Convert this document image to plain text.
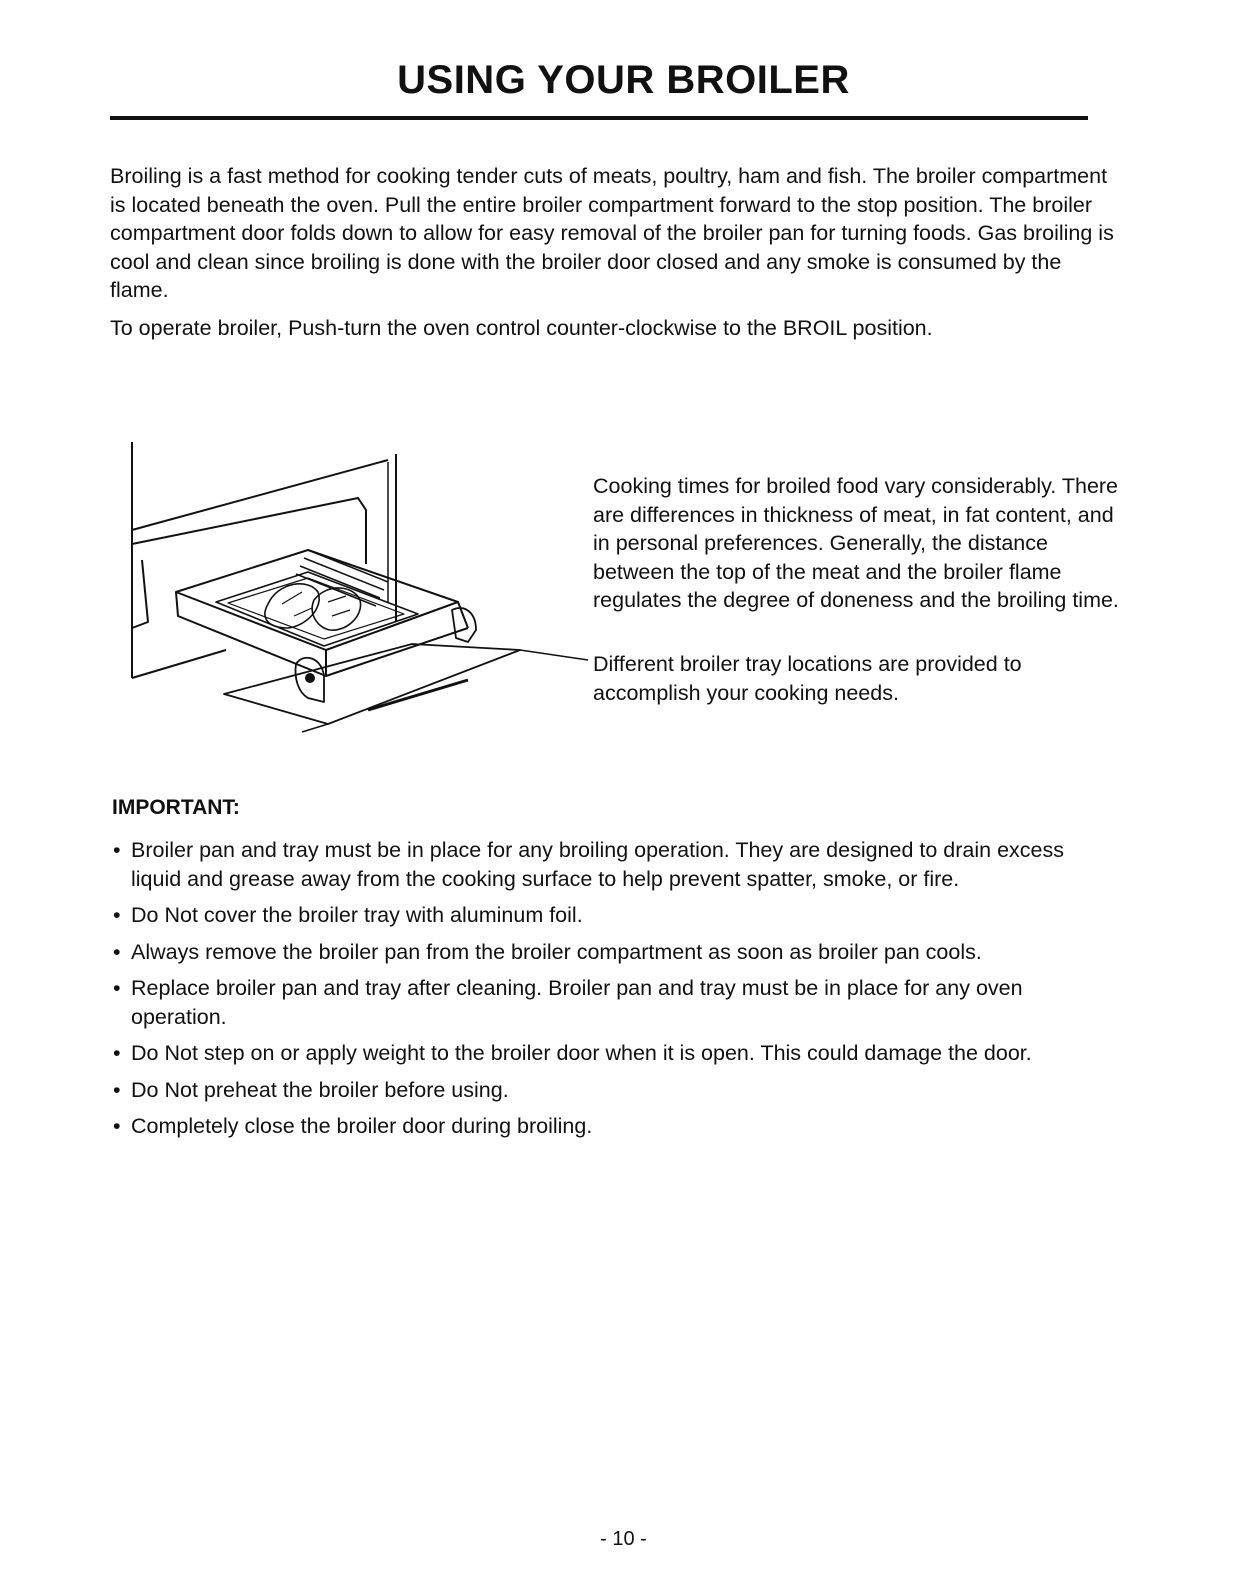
USING YOUR BROILER

Broiling is a fast method for cooking tender cuts of meats, poultry, ham and fish. The broiler compartment is located beneath the oven. Pull the entire broiler compartment forward to the stop position. The broiler compartment door folds down to allow for easy removal of the broiler pan for turning foods. Gas broiling is cool and clean since broiling is done with the broiler door closed and any smoke is consumed by the flame.

To operate broiler, Push-turn the oven control counter-clockwise to the BROIL position.

Cooking times for broiled food vary considerably. There are differences in thickness of meat, in fat content, and in personal preferences. Generally, the distance between the top of the meat and the broiler flame regulates the degree of doneness and the broiling time.

Different broiler tray locations are provided to accomplish your cooking needs.

IMPORTANT:

• Broiler pan and tray must be in place for any broiling operation. They are designed to drain excess liquid and grease away from the cooking surface to help prevent spatter, smoke, or fire.
• Do Not cover the broiler tray with aluminum foil.
• Always remove the broiler pan from the broiler compartment as soon as broiler pan cools.
• Replace broiler pan and tray after cleaning. Broiler pan and tray must be in place for any oven operation.
• Do Not step on or apply weight to the broiler door when it is open. This could damage the door.
• Do Not preheat the broiler before using.
• Completely close the broiler door during broiling.
- 10 -
